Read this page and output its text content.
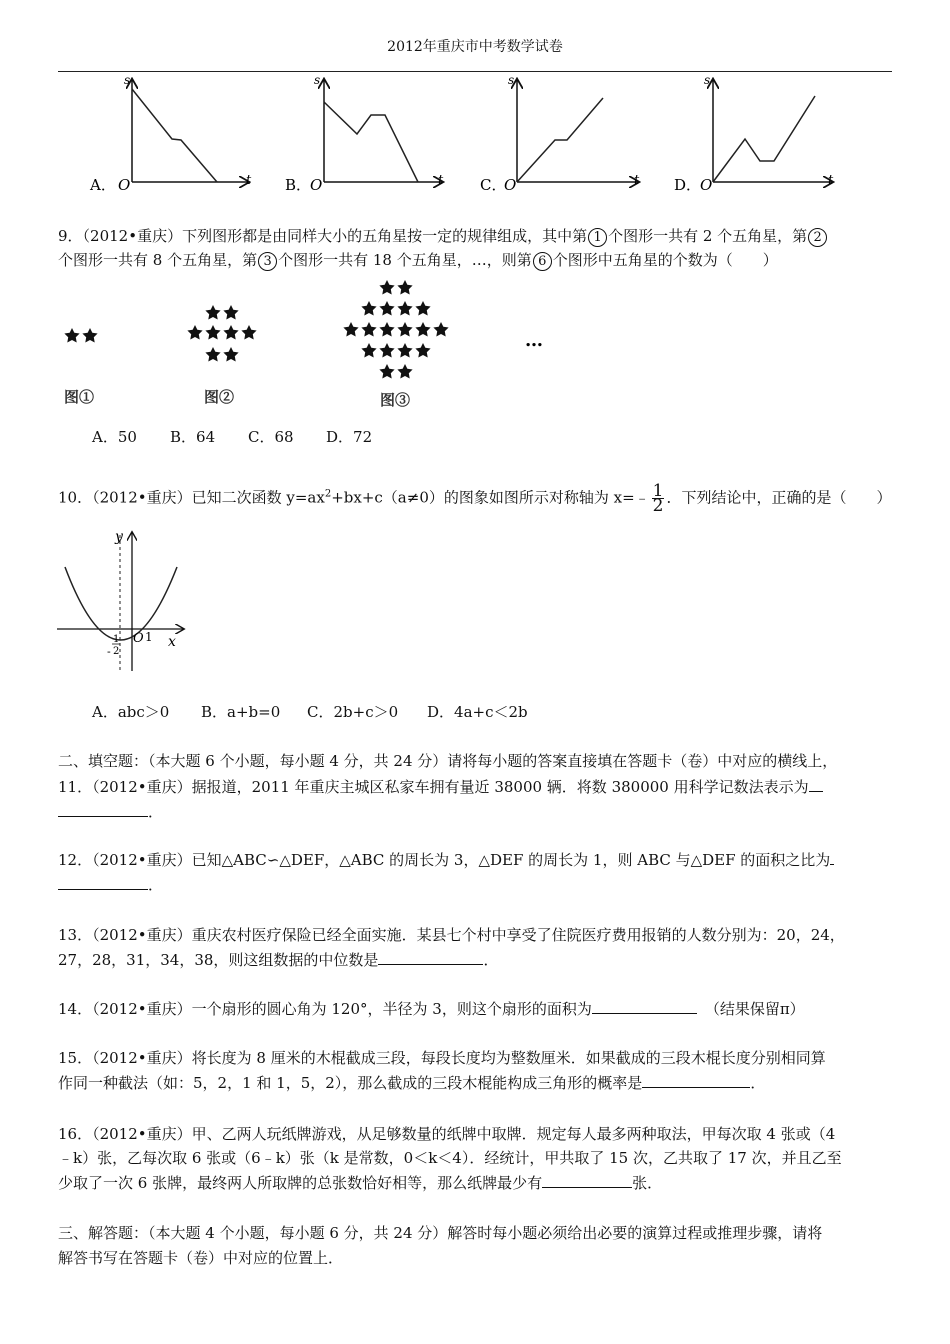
2012年重庆市中考数学试卷
s
O	t
A．
s
O	t
B．
s
O	t
C．
s
O	t
D．
9．（2012•重庆）下列图形都是由同样大小的五角星按一定的规律组成，其中第 1 个图形一共有 2 个五角星，第 2
个图形一共有 8 个五角星，第 3 个图形一共有 18 个五角星，…，则第 6 个图形中五角星的个数为（　　）
…
图①	图②	图③
A．50 B．64 C．68 D．72
10．（2012•重庆）已知二次函数 $y=ax^2+bx+c(a\ne 0)$的图象如图所示对称轴为 x=﹣ $\frac{1}{2}$ ．下列结论中，正确的是（　　）
y
x
O 1
-
1
2
A．abc＞0 B．a+b=0 C．2b+c＞0 D．4a+c＜2b
二、填空题：（本大题 6 个小题，每小题 4 分，共 24 分）请将每小题的答案直接填在答题卡（卷）中对应的横线上，
11．（2012•重庆）据报道，2011 年重庆主城区私家车拥有量近 38000 辆．将数 380000 用科学记数法表示为
．
12．（2012•重庆）已知△ABC∽△DEF，△ABC 的周长为 3，△DEF 的周长为 1，则 ABC 与△DEF 的面积之比为
．
13．（2012•重庆）重庆农村医疗保险已经全面实施．某县七个村中享受了住院医疗费用报销的人数分别为：20，24，
27，28，31，34，38，则这组数据的中位数是	．
14．（2012•重庆）一个扇形的圆心角为 120°，半径为 3，则这个扇形的面积为	（结果保留π）
15．（2012•重庆）将长度为 8 厘米的木棍截成三段，每段长度均为整数厘米．如果截成的三段木棍长度分别相同算
作同一种截法（如：5，2，1 和 1，5，2），那么截成的三段木棍能构成三角形的概率是	．
16．（2012•重庆）甲、乙两人玩纸牌游戏，从足够数量的纸牌中取牌．规定每人最多两种取法，甲每次取 4 张或（4
﹣k）张，乙每次取 6 张或（6﹣k）张（k 是常数，0＜k＜4）．经统计，甲共取了 15 次，乙共取了 17 次，并且乙至
少取了一次 6 张牌，最终两人所取牌的总张数恰好相等，那么纸牌最少有	张．
三、解答题：（本大题 4 个小题，每小题 6 分，共 24 分）解答时每小题必须给出必要的演算过程或推理步骤，请将
解答书写在答题卡（卷）中对应的位置上．
